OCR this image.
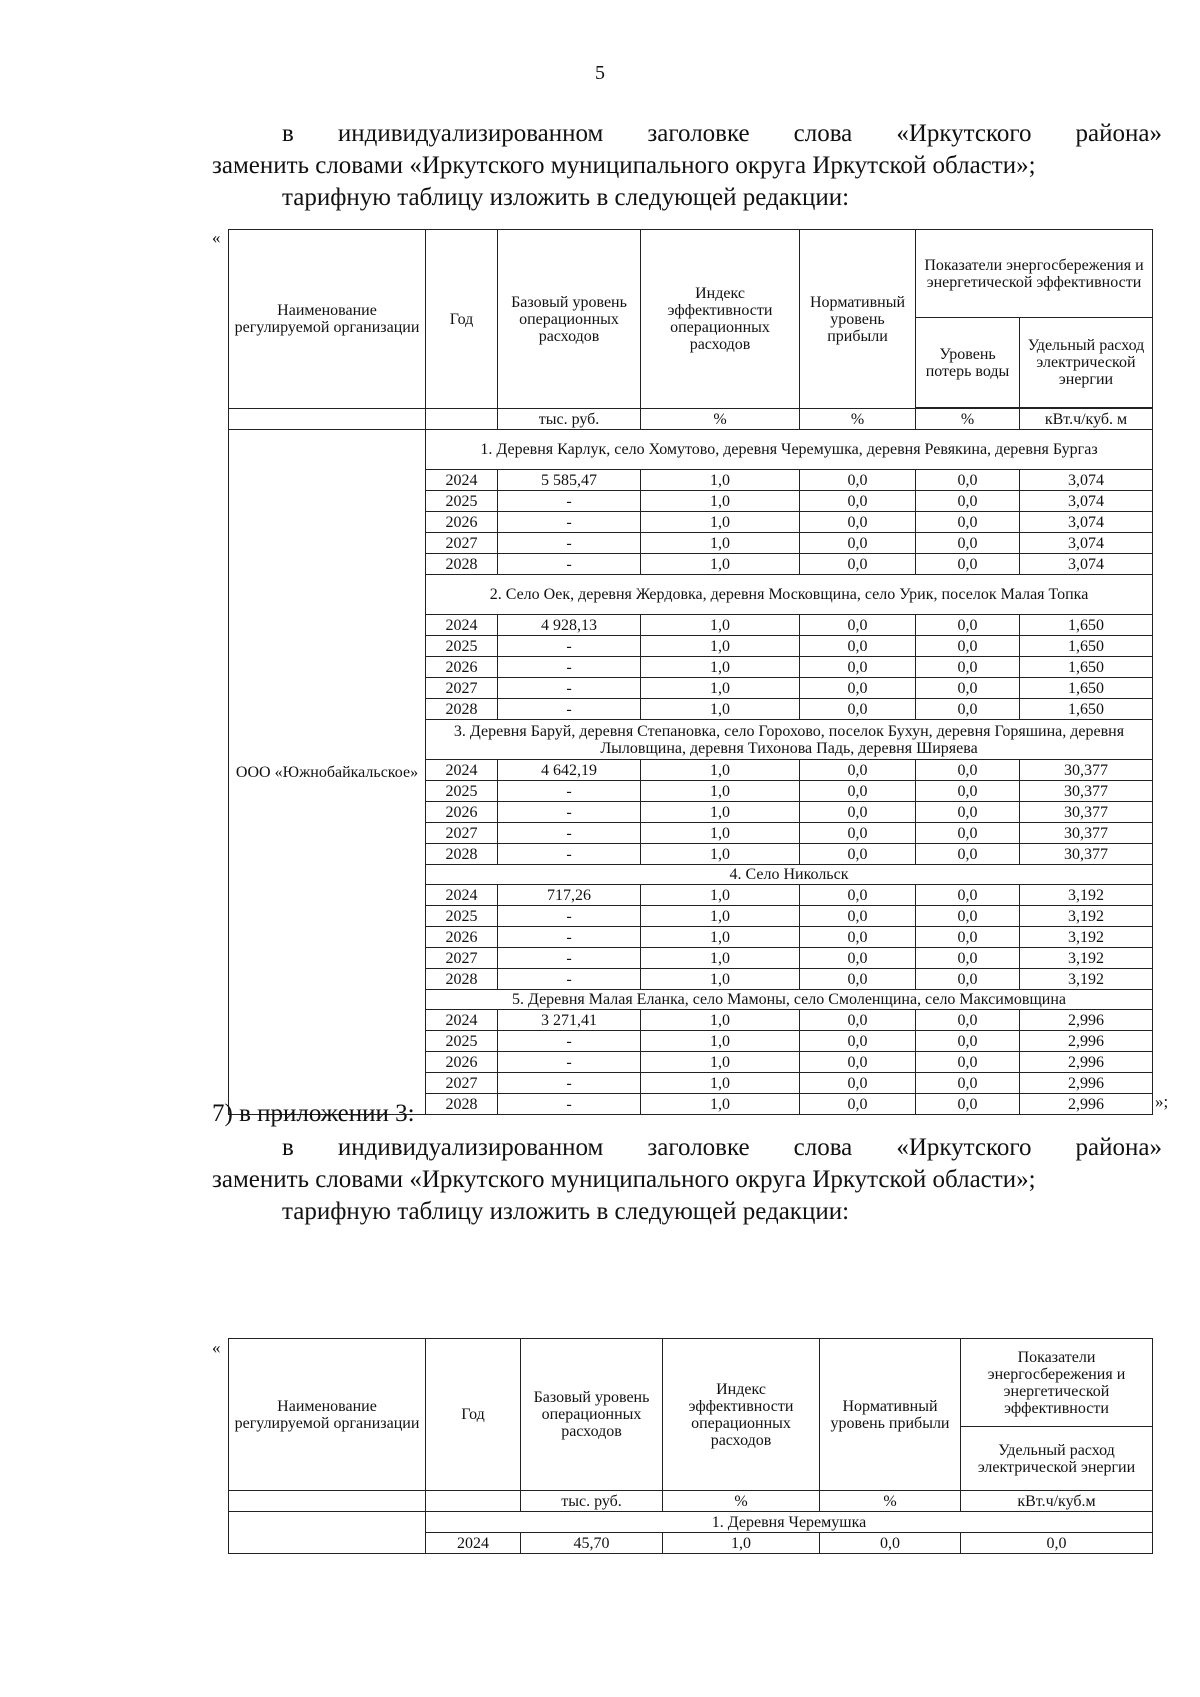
5
в индивидуализированном заголовке слова «Иркутского района»
заменить словами «Иркутского муниципального округа Иркутской области»;
тарифную таблицу изложить в следующей редакции:
«
Наименование регулируемой организации	Год	Базовый уровень операционных расходов	Индекс эффективности операционных расходов	Нормативный уровень прибыли	Показатели энергосбережения и энергетической эффективности	
					Уровень потерь воды	Удельный расход электрической энергии

		тыс. руб.	%	%	%	кВт.ч/куб. м
ООО «Южнобайкальское»	1. Деревня Карлук, село Хомутово, деревня Черемушка, деревня Ревякина, деревня Бургаз					
	2024	5 585,47	1,0	0,0	0,0	3,074
	2025	-	1,0	0,0	0,0	3,074
	2026	-	1,0	0,0	0,0	3,074
	2027	-	1,0	0,0	0,0	3,074
	2028	-	1,0	0,0	0,0	3,074
	2. Село Оек, деревня Жердовка, деревня Московщина, село Урик, поселок Малая Топка					
	2024	4 928,13	1,0	0,0	0,0	1,650
	2025	-	1,0	0,0	0,0	1,650
	2026	-	1,0	0,0	0,0	1,650
	2027	-	1,0	0,0	0,0	1,650
	2028	-	1,0	0,0	0,0	1,650
	3. Деревня Баруй, деревня Степановка, село Горохово, поселок Бухун, деревня Горяшина, деревня Лыловщина, деревня Тихонова Падь, деревня Ширяева					
	2024	4 642,19	1,0	0,0	0,0	30,377
	2025	-	1,0	0,0	0,0	30,377
	2026	-	1,0	0,0	0,0	30,377
	2027	-	1,0	0,0	0,0	30,377
	2028	-	1,0	0,0	0,0	30,377
	4. Село Никольск					
	2024	717,26	1,0	0,0	0,0	3,192
	2025	-	1,0	0,0	0,0	3,192
	2026	-	1,0	0,0	0,0	3,192
	2027	-	1,0	0,0	0,0	3,192
	2028	-	1,0	0,0	0,0	3,192
	5. Деревня Малая Еланка, село Мамоны, село Смоленщина, село Максимовщина					
	2024	3 271,41	1,0	0,0	0,0	2,996
	2025	-	1,0	0,0	0,0	2,996
	2026	-	1,0	0,0	0,0	2,996
	2027	-	1,0	0,0	0,0	2,996
	2028	-	1,0	0,0	0,0	2,996	»;
7) в приложении 3:
в индивидуализированном заголовке слова «Иркутского района»
заменить словами «Иркутского муниципального округа Иркутской области»;
тарифную таблицу изложить в следующей редакции:
«
Наименование регулируемой организации	Год	Базовый уровень операционных расходов	Индекс эффективности операционных расходов	Нормативный уровень прибыли	Показатели энергосбережения и энергетической эффективности
					Удельный расход электрической энергии
		тыс. руб.	%	%	кВт.ч/куб.м
	1. Деревня Черемушка				
	2024	45,70	1,0	0,0	0,0
